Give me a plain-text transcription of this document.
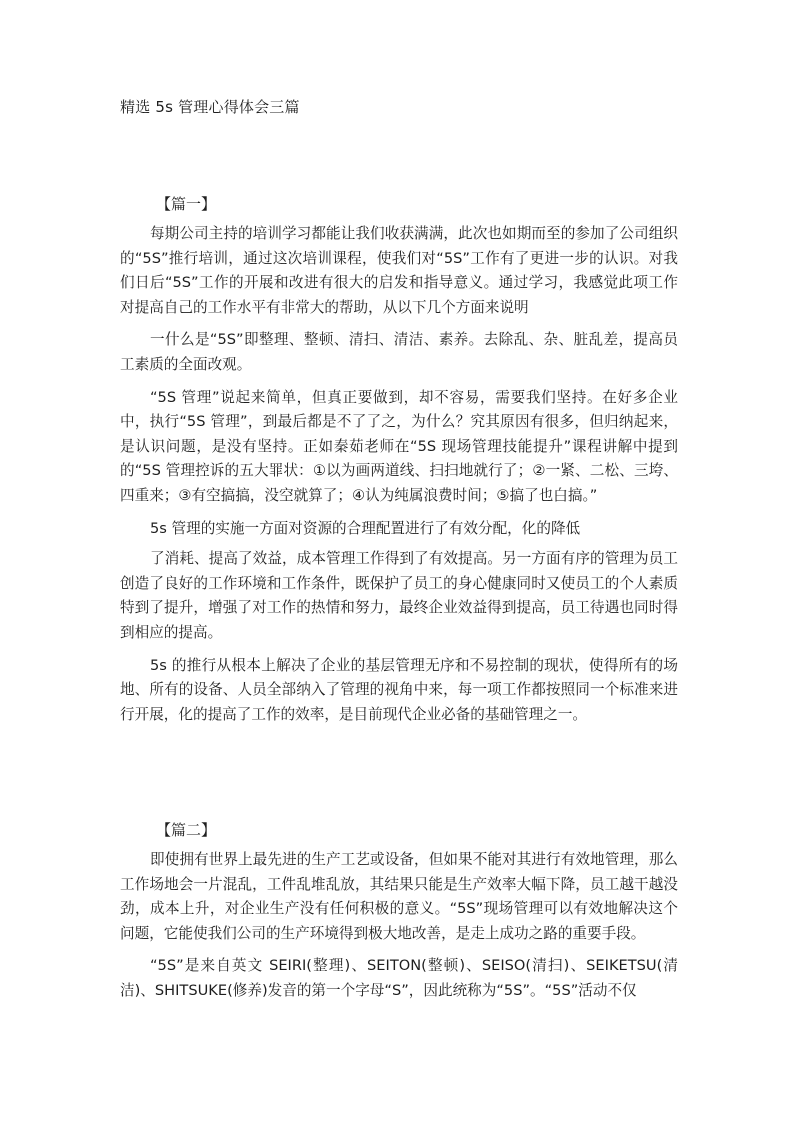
精选 5s 管理心得体会三篇
【篇一】

每期公司主持的培训学习都能让我们收获满满，此次也如期而至的参加了公司组织的“5S”推行培训，通过这次培训课程，使我们对“5S”工作有了更进一步的认识。对我们日后“5S”工作的开展和改进有很大的启发和指导意义。通过学习，我感觉此项工作对提高自己的工作水平有非常大的帮助，从以下几个方面来说明

一什么是“5S”即整理、整顿、清扫、清洁、素养。去除乱、杂、脏乱差，提高员工素质的全面改观。

“5S 管理”说起来简单，但真正要做到，却不容易，需要我们坚持。在好多企业中，执行“5S 管理”，到最后都是不了了之，为什么？究其原因有很多，但归纳起来，是认识问题，是没有坚持。正如秦茹老师在“5S 现场管理技能提升”课程讲解中提到的“5S 管理控诉的五大罪状：①以为画两道线、扫扫地就行了；②一紧、二松、三垮、四重来；③有空搞搞，没空就算了；④认为纯属浪费时间；⑤搞了也白搞。”

5s 管理的实施一方面对资源的合理配置进行了有效分配，化的降低

了消耗、提高了效益，成本管理工作得到了有效提高。另一方面有序的管理为员工创造了良好的工作环境和工作条件，既保护了员工的身心健康同时又使员工的个人素质特到了提升，增强了对工作的热情和努力，最终企业效益得到提高，员工待遇也同时得到相应的提高。

5s 的推行从根本上解决了企业的基层管理无序和不易控制的现状，使得所有的场地、所有的设备、人员全部纳入了管理的视角中来，每一项工作都按照同一个标准来进行开展，化的提高了工作的效率，是目前现代企业必备的基础管理之一。

【篇二】

即使拥有世界上最先进的生产工艺或设备，但如果不能对其进行有效地管理，那么工作场地会一片混乱，工件乱堆乱放，其结果只能是生产效率大幅下降，员工越干越没劲，成本上升，对企业生产没有任何积极的意义。“5S”现场管理可以有效地解决这个问题，它能使我们公司的生产环境得到极大地改善，是走上成功之路的重要手段。

“5S”是来自英文 SEIRI(整理)、SEITON(整顿)、SEISO(清扫)、SEIKETSU(清洁)、SHITSUKE(修养)发音的第一个字母“S”，因此统称为“5S”。“5S”活动不仅
